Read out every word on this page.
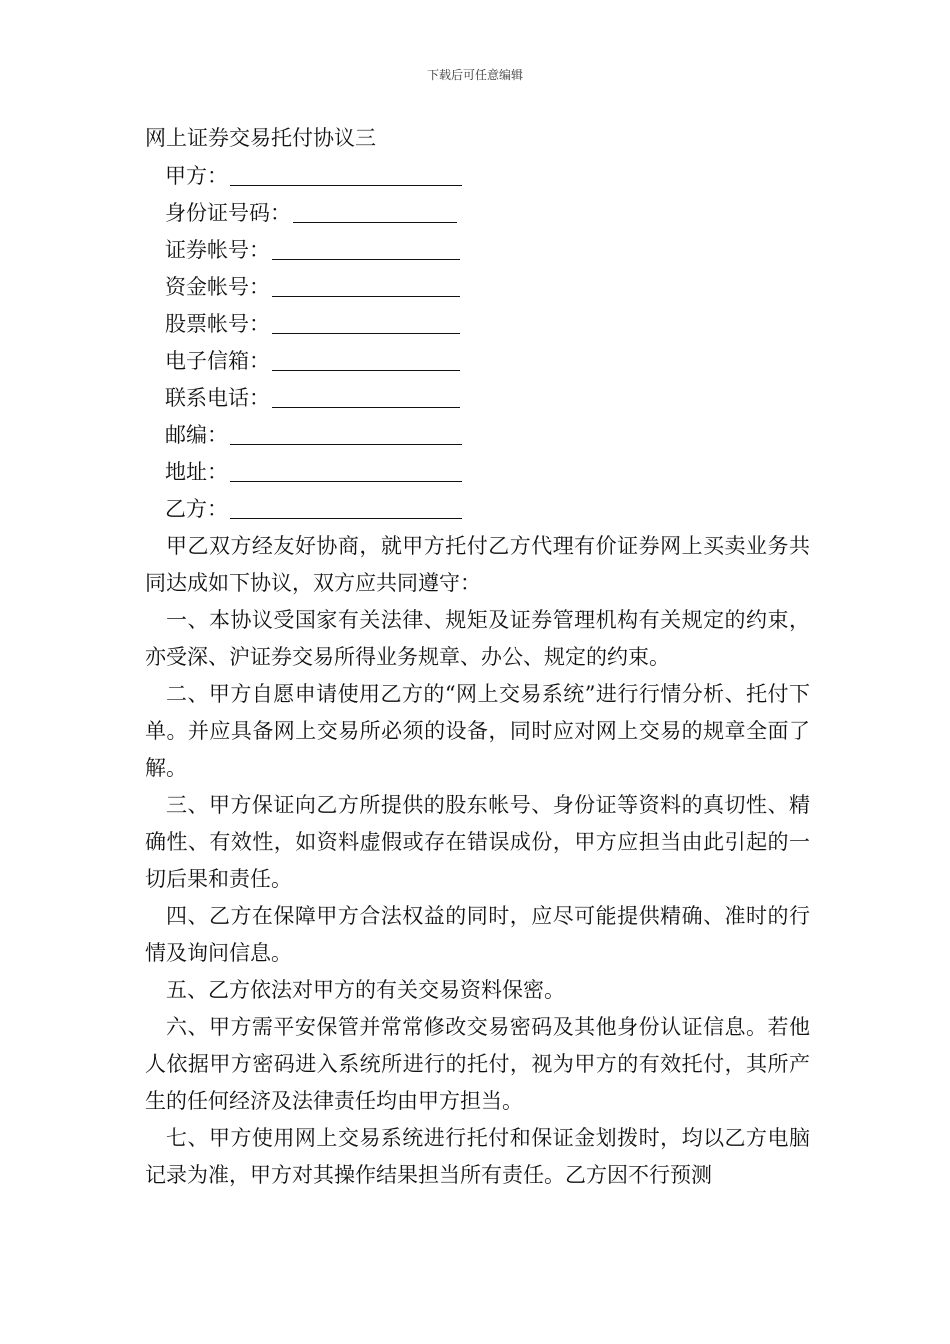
下载后可任意编辑
网上证券交易托付协议三
甲方：
身份证号码：
证券帐号：
资金帐号：
股票帐号：
电子信箱：
联系电话：
邮编：
地址：
乙方：

甲乙双方经友好协商，就甲方托付乙方代理有价证券网上买卖业务共同达成如下协议，双方应共同遵守：

一、本协议受国家有关法律、规矩及证券管理机构有关规定的约束，亦受深、沪证券交易所得业务规章、办公、规定的约束。

二、甲方自愿申请使用乙方的“网上交易系统”进行行情分析、托付下单。并应具备网上交易所必须的设备，同时应对网上交易的规章全面了解。

三、甲方保证向乙方所提供的股东帐号、身份证等资料的真切性、精确性、有效性，如资料虚假或存在错误成份，甲方应担当由此引起的一切后果和责任。

四、乙方在保障甲方合法权益的同时，应尽可能提供精确、准时的行情及询问信息。

五、乙方依法对甲方的有关交易资料保密。

六、甲方需平安保管并常常修改交易密码及其他身份认证信息。若他人依据甲方密码进入系统所进行的托付，视为甲方的有效托付，其所产生的任何经济及法律责任均由甲方担当。

七、甲方使用网上交易系统进行托付和保证金划拨时，均以乙方电脑记录为准，甲方对其操作结果担当所有责任。乙方因不行预测
